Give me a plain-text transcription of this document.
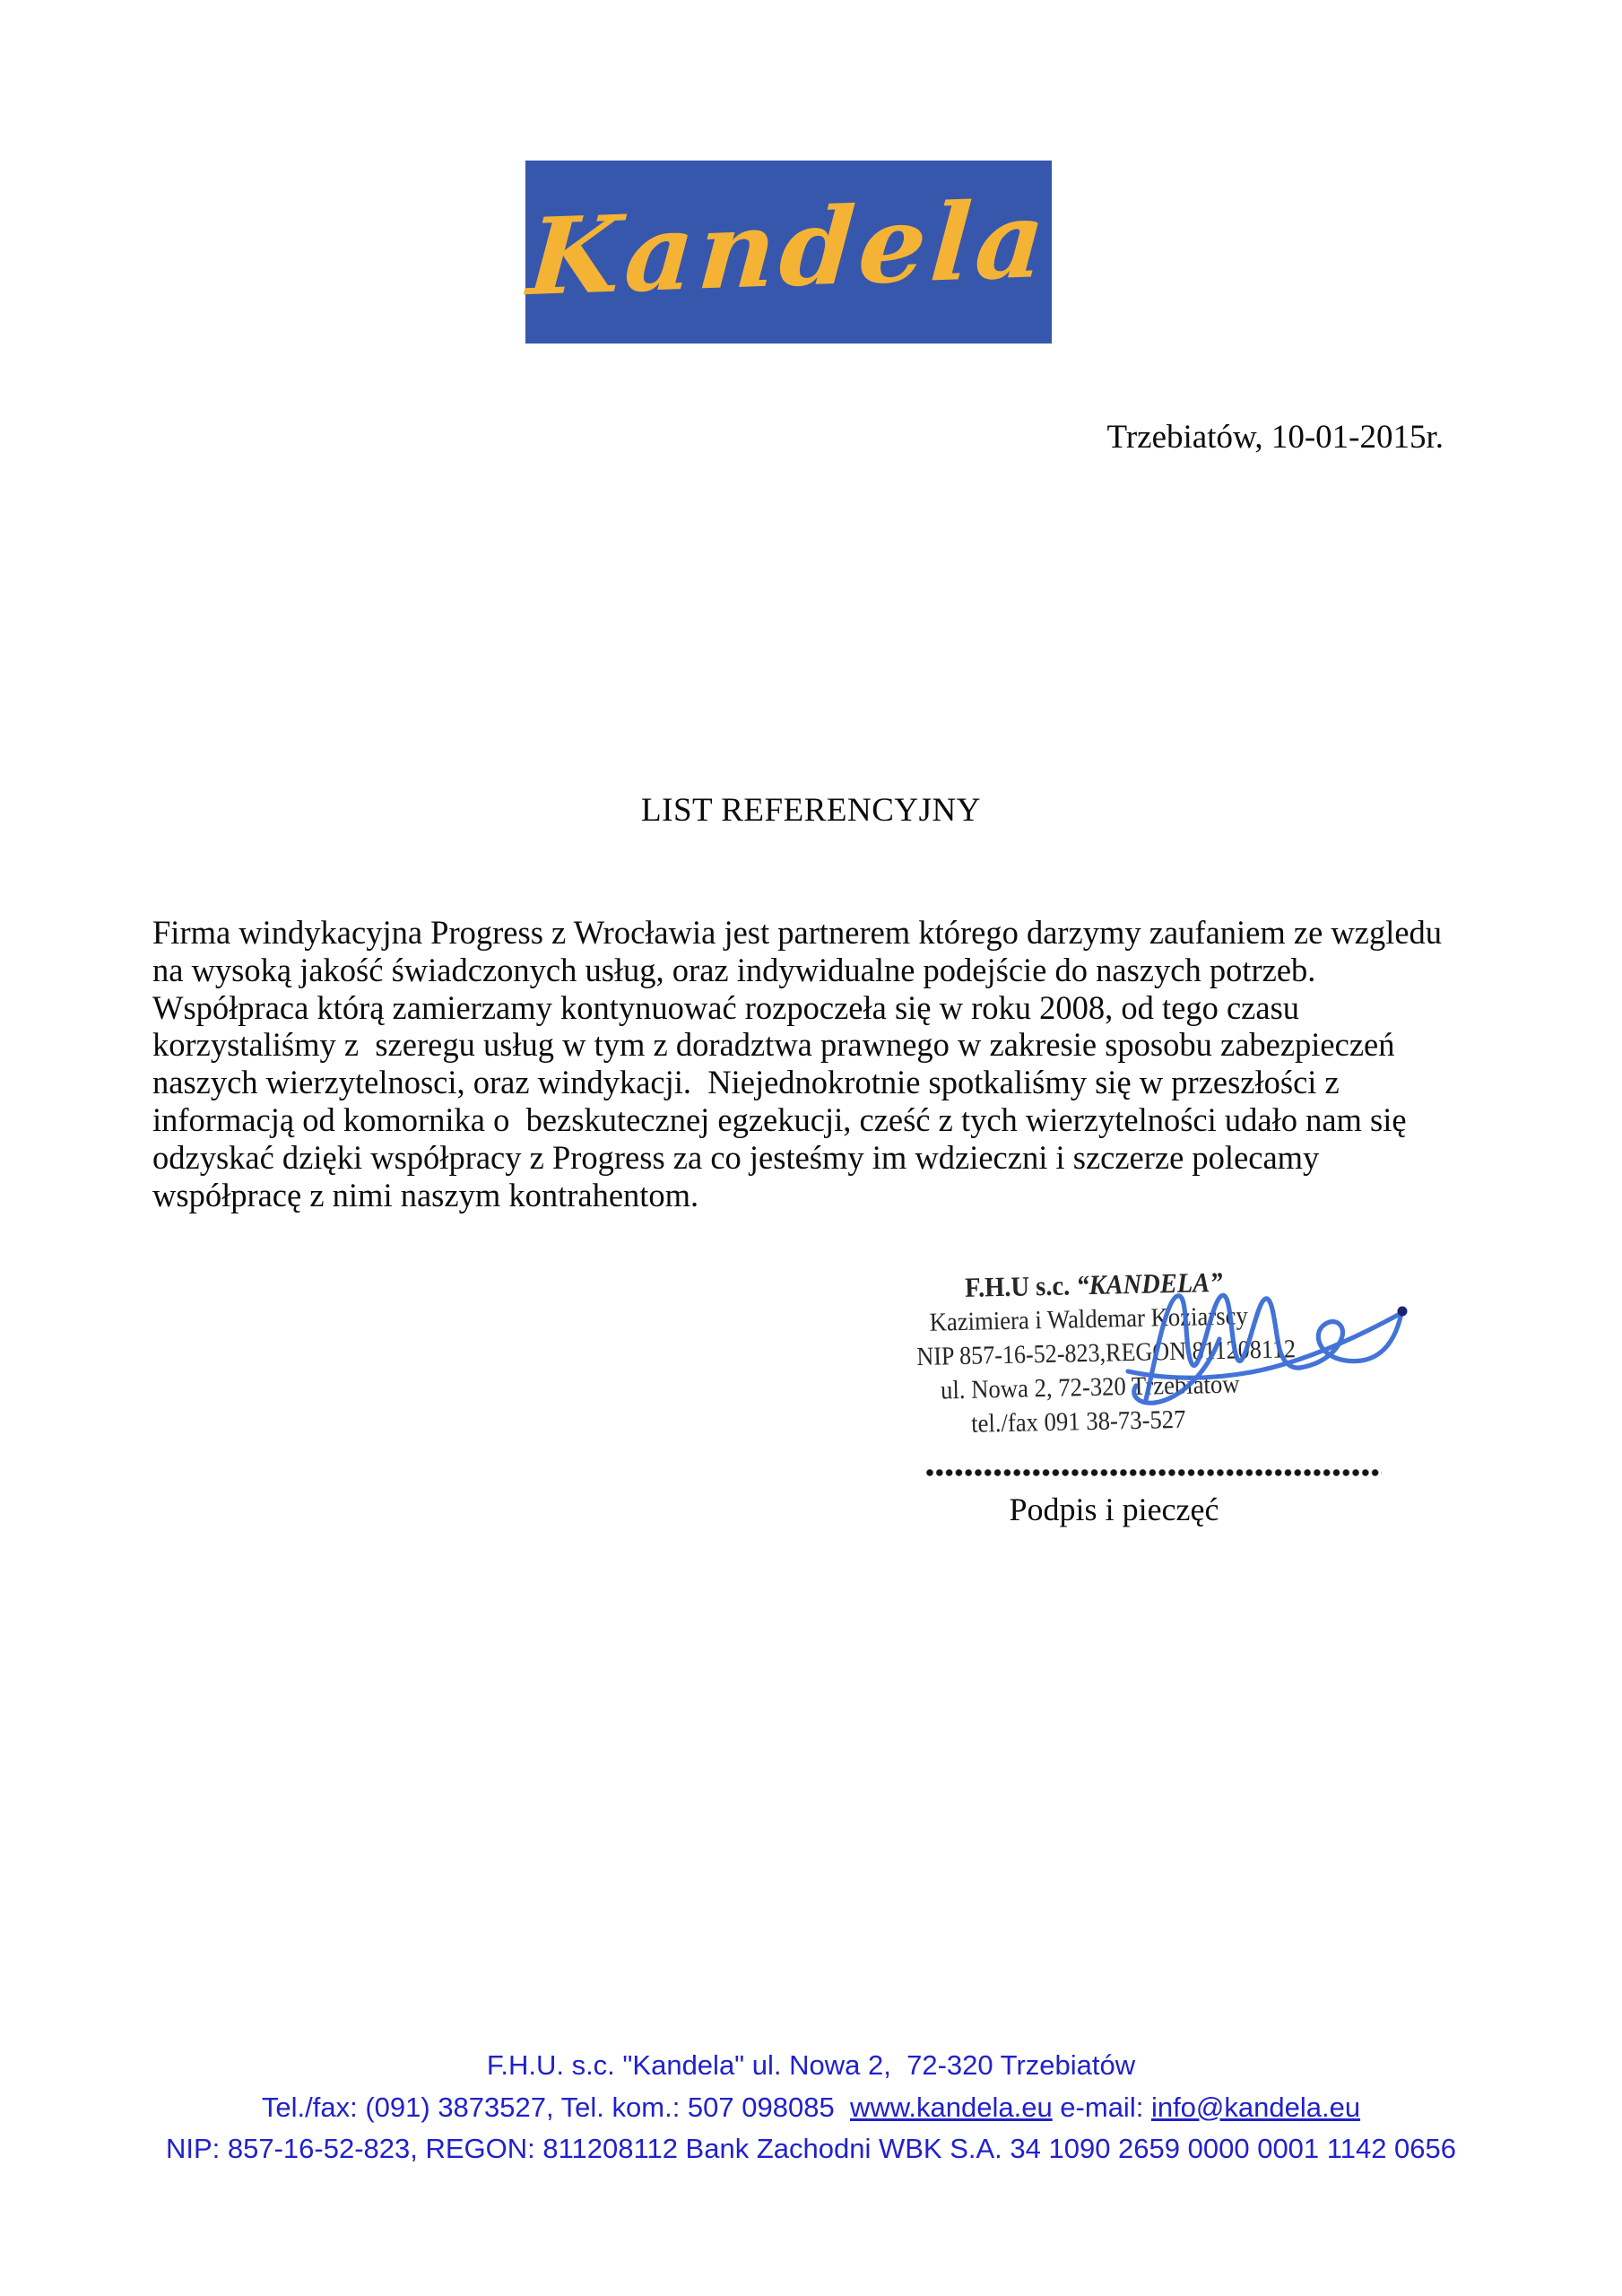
Kandela
Trzebiatów, 10-01-2015r.
LIST REFERENCYJNY
Firma windykacyjna Progress z Wrocławia jest partnerem którego darzymy zaufaniem ze wzgledu
na wysoką jakość świadczonych usług, oraz indywidualne podejście do naszych potrzeb.
Współpraca którą zamierzamy kontynuować rozpoczeła się w roku 2008, od tego czasu
korzystaliśmy z  szeregu usług w tym z doradztwa prawnego w zakresie sposobu zabezpieczeń
naszych wierzytelnosci, oraz windykacji.  Niejednokrotnie spotkaliśmy się w przeszłości z
informacją od komornika o  bezskutecznej egzekucji, cześć z tych wierzytelności udało nam się
odzyskać dzięki współpracy z Progress za co jesteśmy im wdzieczni i szczerze polecamy
współpracę z nimi naszym kontrahentom.
F.H.U s.c. “KANDELA”
Kazimiera i Waldemar Koziarscy
NIP 857-16-52-823,REGON 811208112
ul. Nowa 2, 72-320 Trzebiatów
tel./fax 091 38-73-527
Podpis i pieczęć
F.H.U. s.c. "Kandela" ul. Nowa 2,  72-320 Trzebiatów
Tel./fax: (091) 3873527, Tel. kom.: 507 098085  www.kandela.eu e-mail: info@kandela.eu
NIP: 857-16-52-823, REGON: 811208112 Bank Zachodni WBK S.A. 34 1090 2659 0000 0001 1142 0656
